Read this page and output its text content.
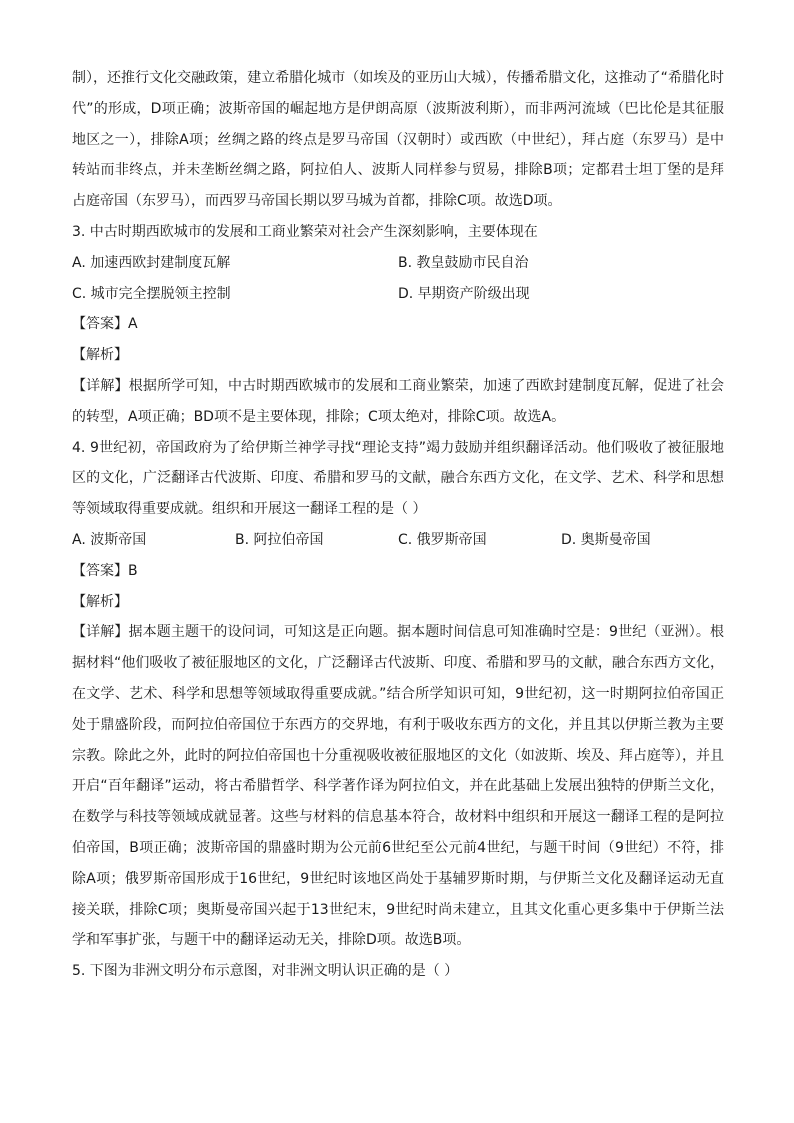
制），还推行文化交融政策，建立希腊化城市（如埃及的亚历山大城），传播希腊文化，这推动了“希腊化时代”的形成，D项正确；波斯帝国的崛起地方是伊朗高原（波斯波利斯），而非两河流域（巴比伦是其征服地区之一），排除A项；丝绸之路的终点是罗马帝国（汉朝时）或西欧（中世纪），拜占庭（东罗马）是中转站而非终点，并未垄断丝绸之路，阿拉伯人、波斯人同样参与贸易，排除B项；定都君士坦丁堡的是拜占庭帝国（东罗马），而西罗马帝国长期以罗马城为首都，排除C项。故选D项。

3. 中古时期西欧城市的发展和工商业繁荣对社会产生深刻影响，主要体现在

A. 加速西欧封建制度瓦解	B. 教皇鼓励市民自治
C. 城市完全摆脱领主控制	D. 早期资产阶级出现

【答案】A

【解析】

【详解】根据所学可知，中古时期西欧城市的发展和工商业繁荣，加速了西欧封建制度瓦解，促进了社会的转型，A项正确；BD项不是主要体现，排除；C项太绝对，排除C项。故选A。

4. 9世纪初，帝国政府为了给伊斯兰神学寻找“理论支持”竭力鼓励并组织翻译活动。他们吸收了被征服地区的文化，广泛翻译古代波斯、印度、希腊和罗马的文献，融合东西方文化，在文学、艺术、科学和思想等领域取得重要成就。组织和开展这一翻译工程的是（ ）

A. 波斯帝国	B. 阿拉伯帝国	C. 俄罗斯帝国	D. 奥斯曼帝国

【答案】B

【解析】

【详解】据本题主题干的设问词，可知这是正向题。据本题时间信息可知准确时空是：9世纪（亚洲）。根据材料“他们吸收了被征服地区的文化，广泛翻译古代波斯、印度、希腊和罗马的文献，融合东西方文化，在文学、艺术、科学和思想等领域取得重要成就。”结合所学知识可知，9世纪初，这一时期阿拉伯帝国正处于鼎盛阶段，而阿拉伯帝国位于东西方的交界地，有利于吸收东西方的文化，并且其以伊斯兰教为主要宗教。除此之外，此时的阿拉伯帝国也十分重视吸收被征服地区的文化（如波斯、埃及、拜占庭等），并且开启“百年翻译”运动，将古希腊哲学、科学著作译为阿拉伯文，并在此基础上发展出独特的伊斯兰文化，在数学与科技等领域成就显著。这些与材料的信息基本符合，故材料中组织和开展这一翻译工程的是阿拉伯帝国，B项正确；波斯帝国的鼎盛时期为公元前6世纪至公元前4世纪，与题干时间（9世纪）不符，排除A项；俄罗斯帝国形成于16世纪，9世纪时该地区尚处于基辅罗斯时期，与伊斯兰文化及翻译运动无直接关联，排除C项；奥斯曼帝国兴起于13世纪末，9世纪时尚未建立，且其文化重心更多集中于伊斯兰法学和军事扩张，与题干中的翻译运动无关，排除D项。故选B项。

5. 下图为非洲文明分布示意图，对非洲文明认识正确的是（ ）
